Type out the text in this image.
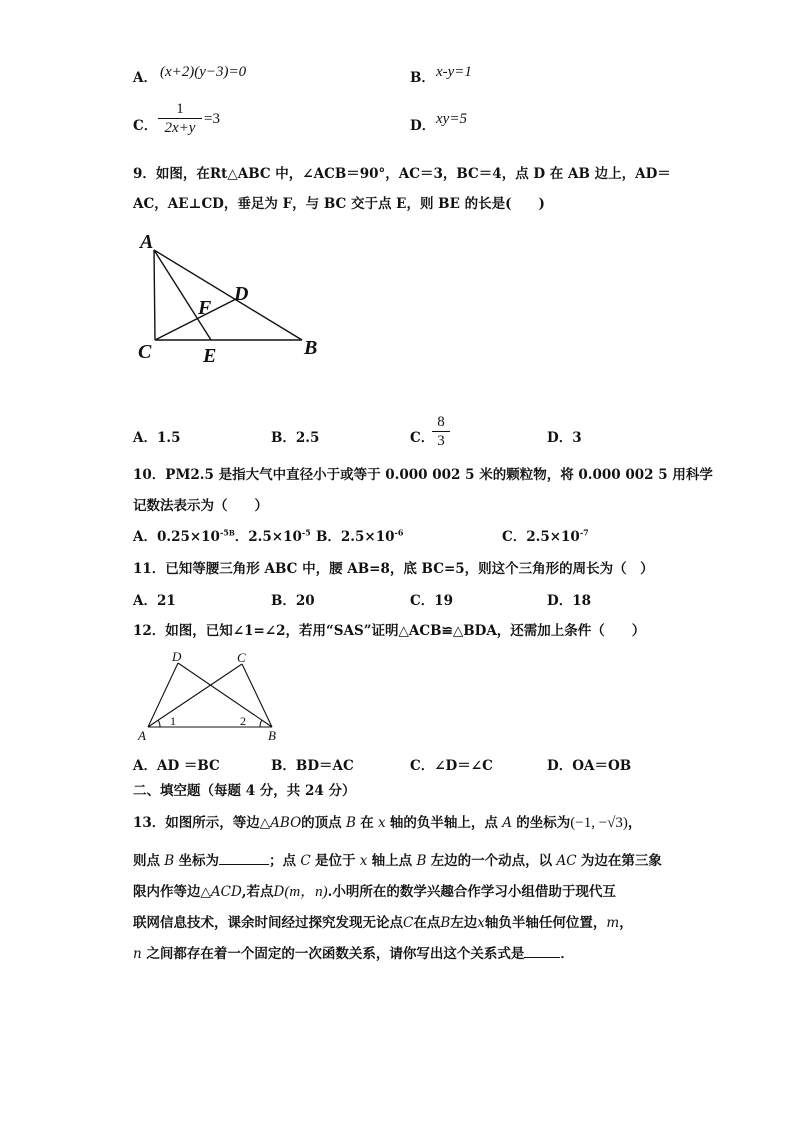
A． (x+2)(y−3)=0	B． x-y=1
C．
1
2x+y
=3	D． xy=5
9．如图，在Rt△ABC 中，∠ACB＝90°，AC＝3，BC＝4，点 D 在 AB 边上，AD＝
AC，AE⊥CD，垂足为 F，与 BC 交于点 E，则 BE 的长是(　　)
A
D
F
C	E	B
A．1.5	B．2.5	C．
8
3	D．3
10．PM2.5 是指大气中直径小于或等于 0.000 002 5 米的颗粒物，将 0.000 002 5 用科学
记数法表示为（　　）
A．$0.25\times 10^{-5B}$．$2.5\times 10^{-5}$ B．$2.5\times 10^{-6}$	C．$2.5\times 10^{-7}$
11．已知等腰三角形 ABC 中，腰 AB=8，底 BC=5，则这个三角形的周长为（　）
A．21	B．20	C．19	D．18
12．如图，已知∠1=∠2，若用“SAS”证明△ACB≌△BDA，还需加上条件（　　）
A	B
D	C
1	2
A．AD ＝BC	B．BD＝AC	C．∠D＝∠C	D．OA＝OB
二、填空题（每题 4 分，共 24 分）
13．如图所示，等边△ABO的顶点 B 在 x 轴的负半轴上，点 A 的坐标为(−1, −√3)，
则点 B 坐标为	；点 C 是位于 x 轴上点 B 左边的一个动点，以 AC 为边在第三象
限内作等边△ACD,若点D(m，n).小明所在的数学兴趣合作学习小组借助于现代互
联网信息技术，课余时间经过探究发现无论点C在点B左边x轴负半轴任何位置，m，
n 之间都存在着一个固定的一次函数关系，请你写出这个关系式是	．
